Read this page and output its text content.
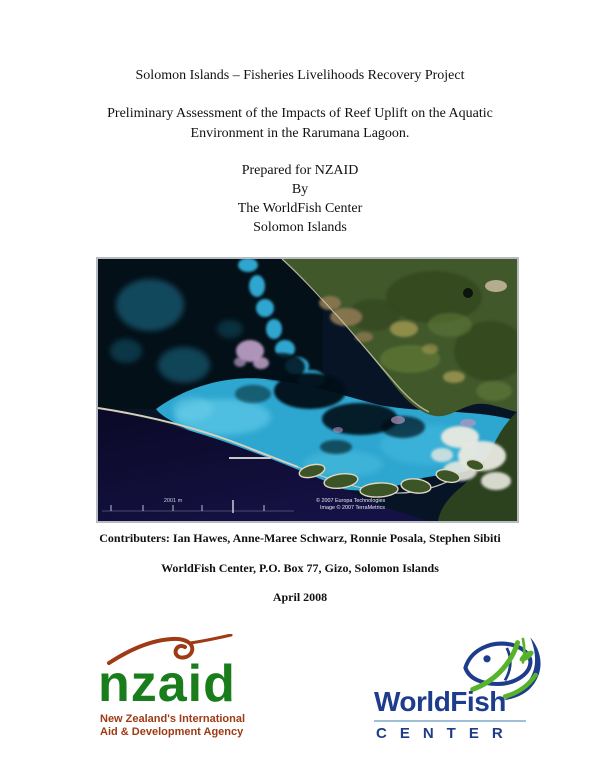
Solomon Islands – Fisheries Livelihoods Recovery Project
Preliminary Assessment of the Impacts of Reef Uplift on the Aquatic
Environment in the Rarumana Lagoon.
Prepared for NZAID
By
The WorldFish Center
Solomon Islands
2001 m	© 2007 Europa Technologies
Image © 2007 TerraMetrics
Contributers: Ian Hawes, Anne-Maree Schwarz, Ronnie Posala, Stephen Sibiti
WorldFish Center, P.O. Box 77, Gizo, Solomon Islands
April 2008
nzaid
New Zealand's International
Aid & Development Agency
WorldFish
CENTER
